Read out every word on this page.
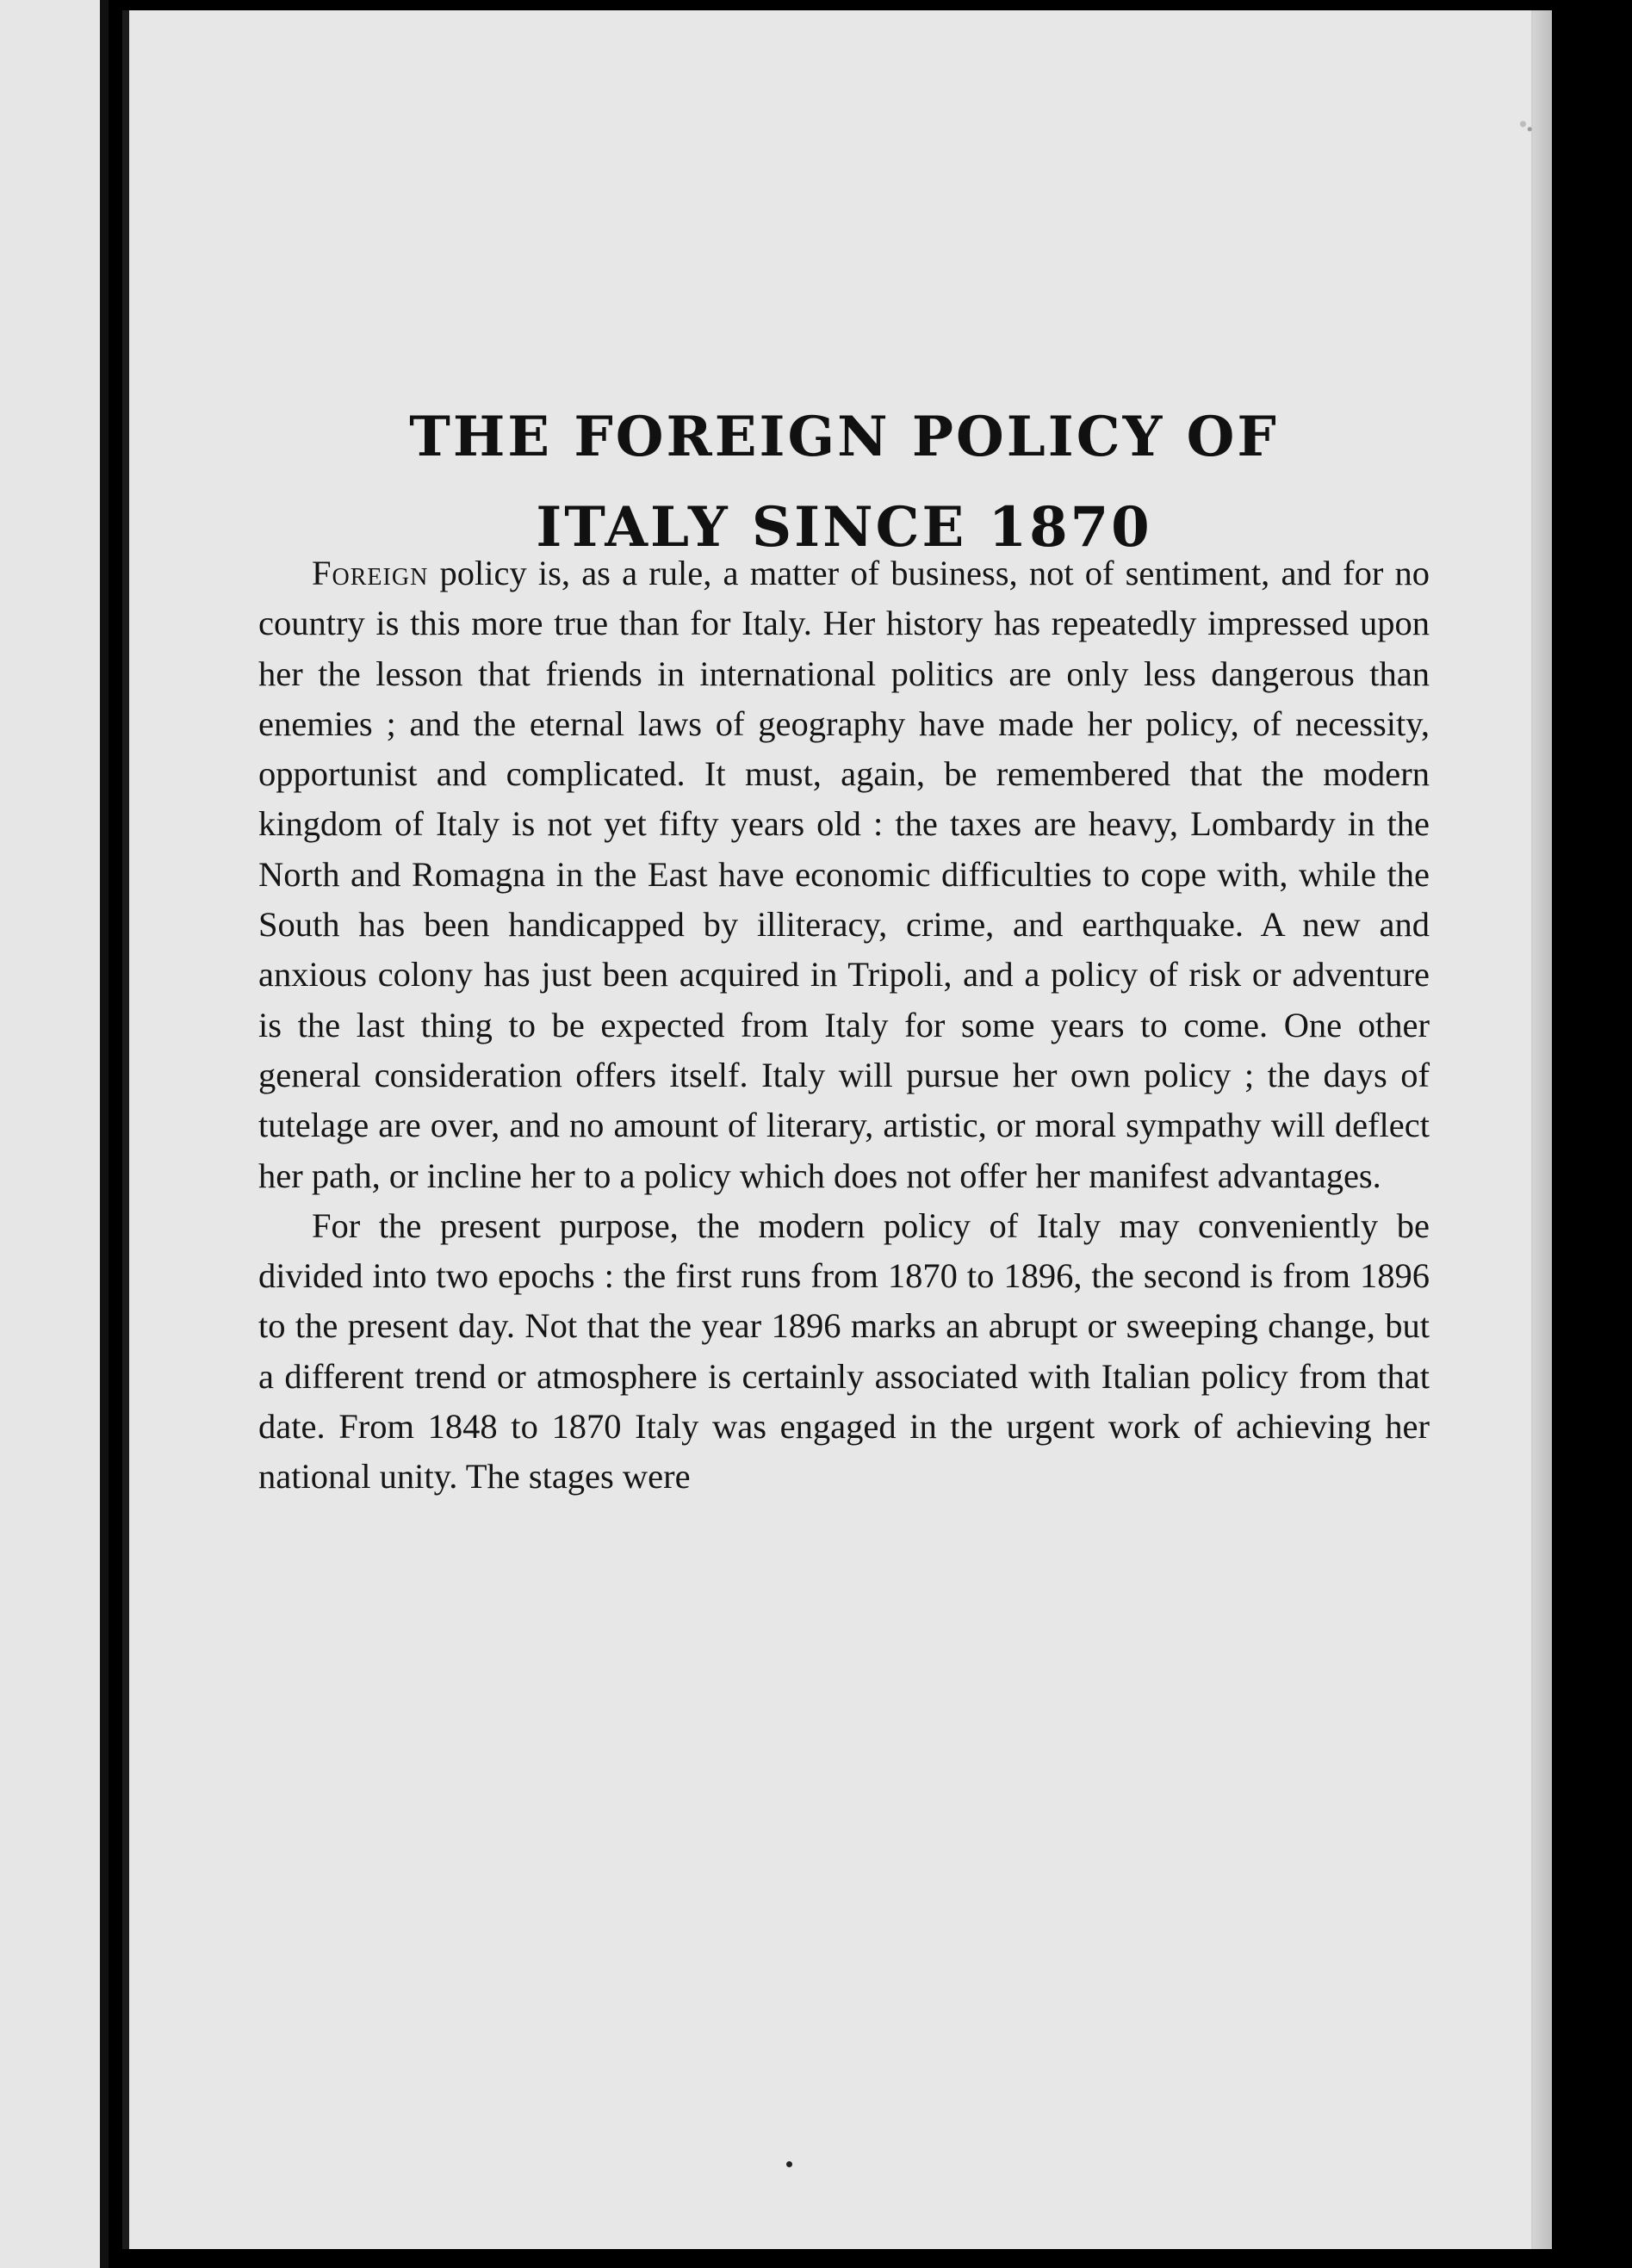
THE FOREIGN POLICY OF
ITALY SINCE 1870

Foreign policy is, as a rule, a matter of business, not of sentiment, and for no country is this more true than for Italy. Her history has repeatedly impressed upon her the lesson that friends in international politics are only less dangerous than enemies ; and the eternal laws of geography have made her policy, of necessity, opportunist and complicated. It must, again, be remembered that the modern kingdom of Italy is not yet fifty years old : the taxes are heavy, Lombardy in the North and Romagna in the East have economic difficulties to cope with, while the South has been handicapped by illiteracy, crime, and earthquake. A new and anxious colony has just been acquired in Tripoli, and a policy of risk or adventure is the last thing to be expected from Italy for some years to come. One other general consideration offers itself. Italy will pursue her own policy ; the days of tutelage are over, and no amount of literary, artistic, or moral sympathy will deflect her path, or incline her to a policy which does not offer her manifest advantages.

For the present purpose, the modern policy of Italy may conveniently be divided into two epochs : the first runs from 1870 to 1896, the second is from 1896 to the present day. Not that the year 1896 marks an abrupt or sweeping change, but a different trend or atmosphere is certainly associated with Italian policy from that date. From 1848 to 1870 Italy was engaged in the urgent work of achieving her national unity. The stages were
